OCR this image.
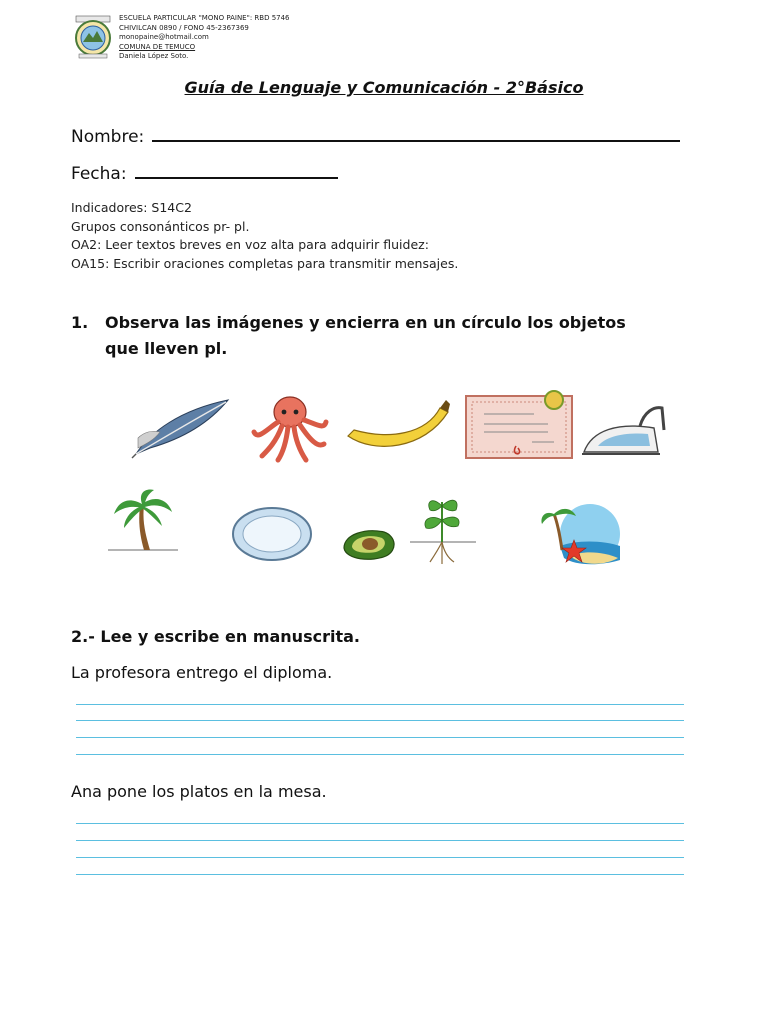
ESCUELA PARTICULAR "MONO PAINE": RBD 5746
CHIVILCAN 0890 / FONO 45-2367369
monopaine@hotmail.com
COMUNA DE TEMUCO
Daniela López Soto.
Guía de Lenguaje y Comunicación - 2°Básico
Nombre:
Fecha:
Indicadores: S14C2
Grupos consonánticos pr- pl.
OA2: Leer textos breves en voz alta para adquirir fluidez:
OA15: Escribir oraciones completas para transmitir mensajes.
1. Observa las imágenes y encierra en un círculo los objetos
que lleven pl.
2.- Lee y escribe en manuscrita.
La profesora entrego el diploma.
Ana pone los platos en la mesa.
